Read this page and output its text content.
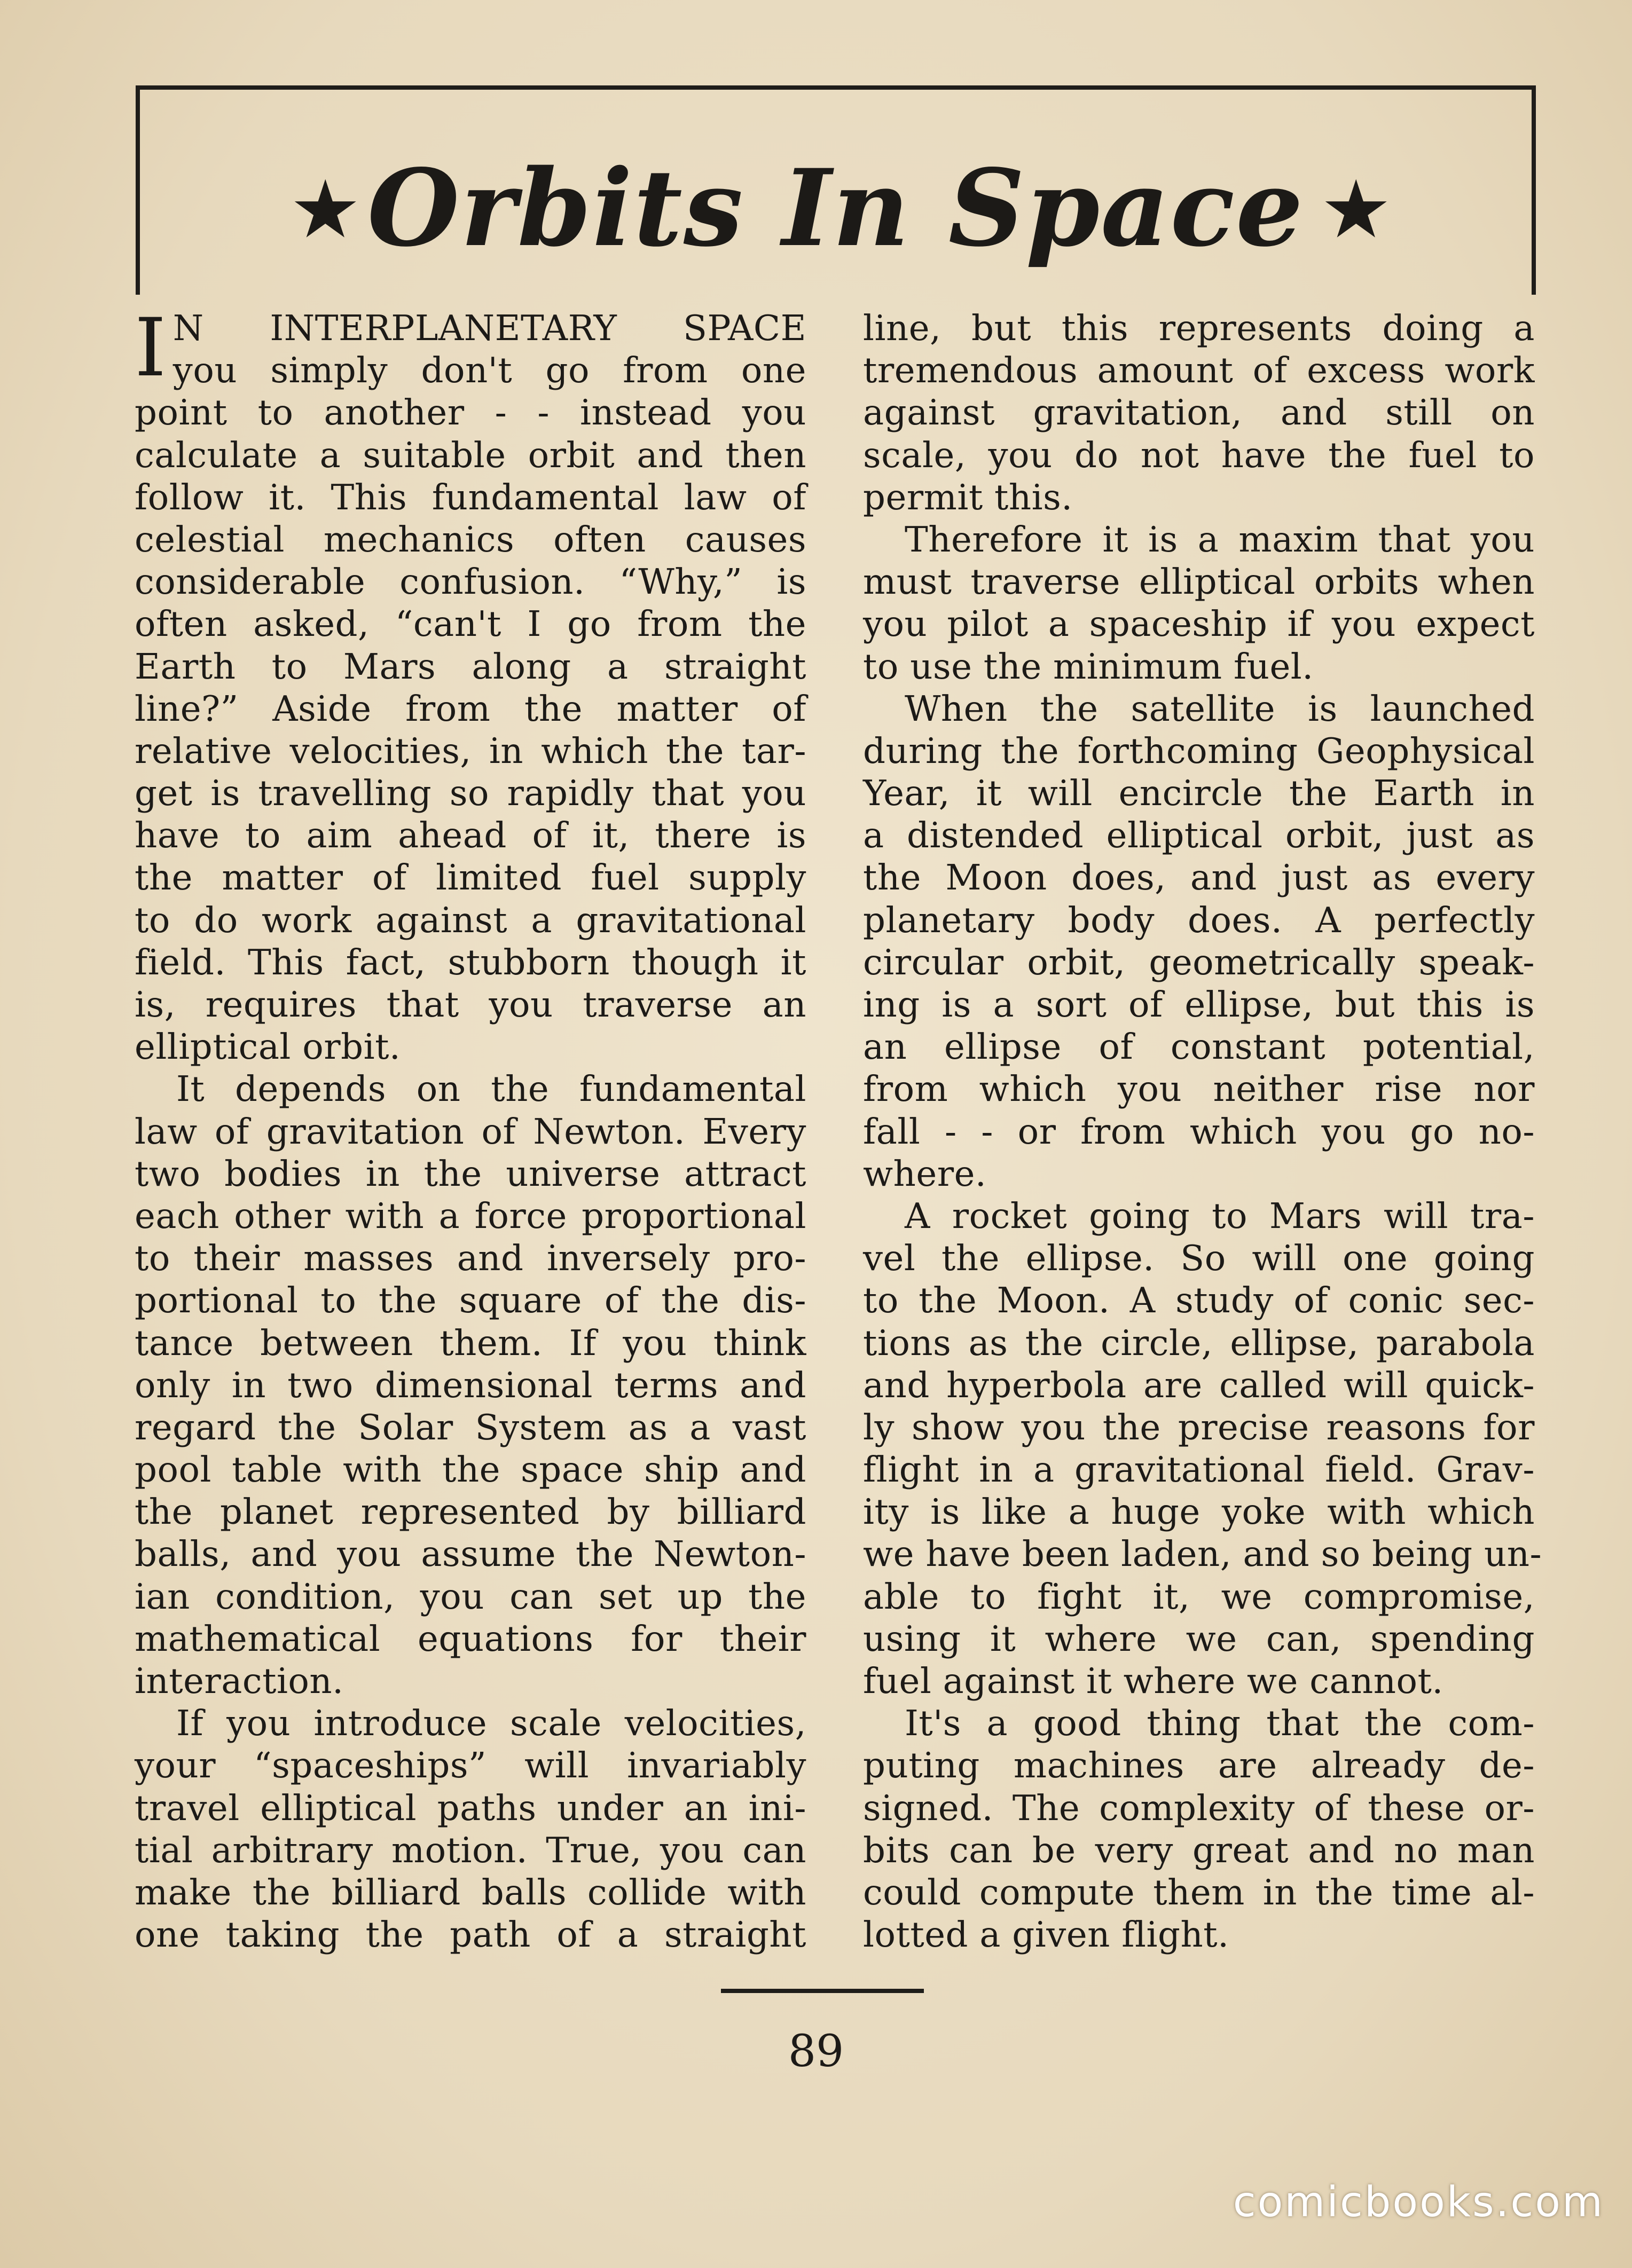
★ Orbits In Space ★
I N INTERPLANETARY SPACE
you simply don't go from one
point to another - - instead you
calculate a suitable orbit and then
follow it. This fundamental law of
celestial mechanics often causes
considerable confusion. “Why,” is
often asked, “can't I go from the
Earth to Mars along a straight
line?” Aside from the matter of
relative velocities, in which the tar-
get is travelling so rapidly that you
have to aim ahead of it, there is
the matter of limited fuel supply
to do work against a gravitational
field. This fact, stubborn though it
is, requires that you traverse an
elliptical orbit.
It depends on the fundamental
law of gravitation of Newton. Every
two bodies in the universe attract
each other with a force proportional
to their masses and inversely pro-
portional to the square of the dis-
tance between them. If you think
only in two dimensional terms and
regard the Solar System as a vast
pool table with the space ship and
the planet represented by billiard
balls, and you assume the Newton-
ian condition, you can set up the
mathematical equations for their
interaction.
If you introduce scale velocities,
your “spaceships” will invariably
travel elliptical paths under an ini-
tial arbitrary motion. True, you can
make the billiard balls collide with
one taking the path of a straight
line, but this represents doing a
tremendous amount of excess work
against gravitation, and still on
scale, you do not have the fuel to
permit this.
Therefore it is a maxim that you
must traverse elliptical orbits when
you pilot a spaceship if you expect
to use the minimum fuel.
When the satellite is launched
during the forthcoming Geophysical
Year, it will encircle the Earth in
a distended elliptical orbit, just as
the Moon does, and just as every
planetary body does. A perfectly
circular orbit, geometrically speak-
ing is a sort of ellipse, but this is
an ellipse of constant potential,
from which you neither rise nor
fall - - or from which you go no-
where.
A rocket going to Mars will tra-
vel the ellipse. So will one going
to the Moon. A study of conic sec-
tions as the circle, ellipse, parabola
and hyperbola are called will quick-
ly show you the precise reasons for
flight in a gravitational field. Grav-
ity is like a huge yoke with which
we have been laden, and so being un-
able to fight it, we compromise,
using it where we can, spending
fuel against it where we cannot.
It's a good thing that the com-
puting machines are already de-
signed. The complexity of these or-
bits can be very great and no man
could compute them in the time al-
lotted a given flight.
89
comicbooks.com
